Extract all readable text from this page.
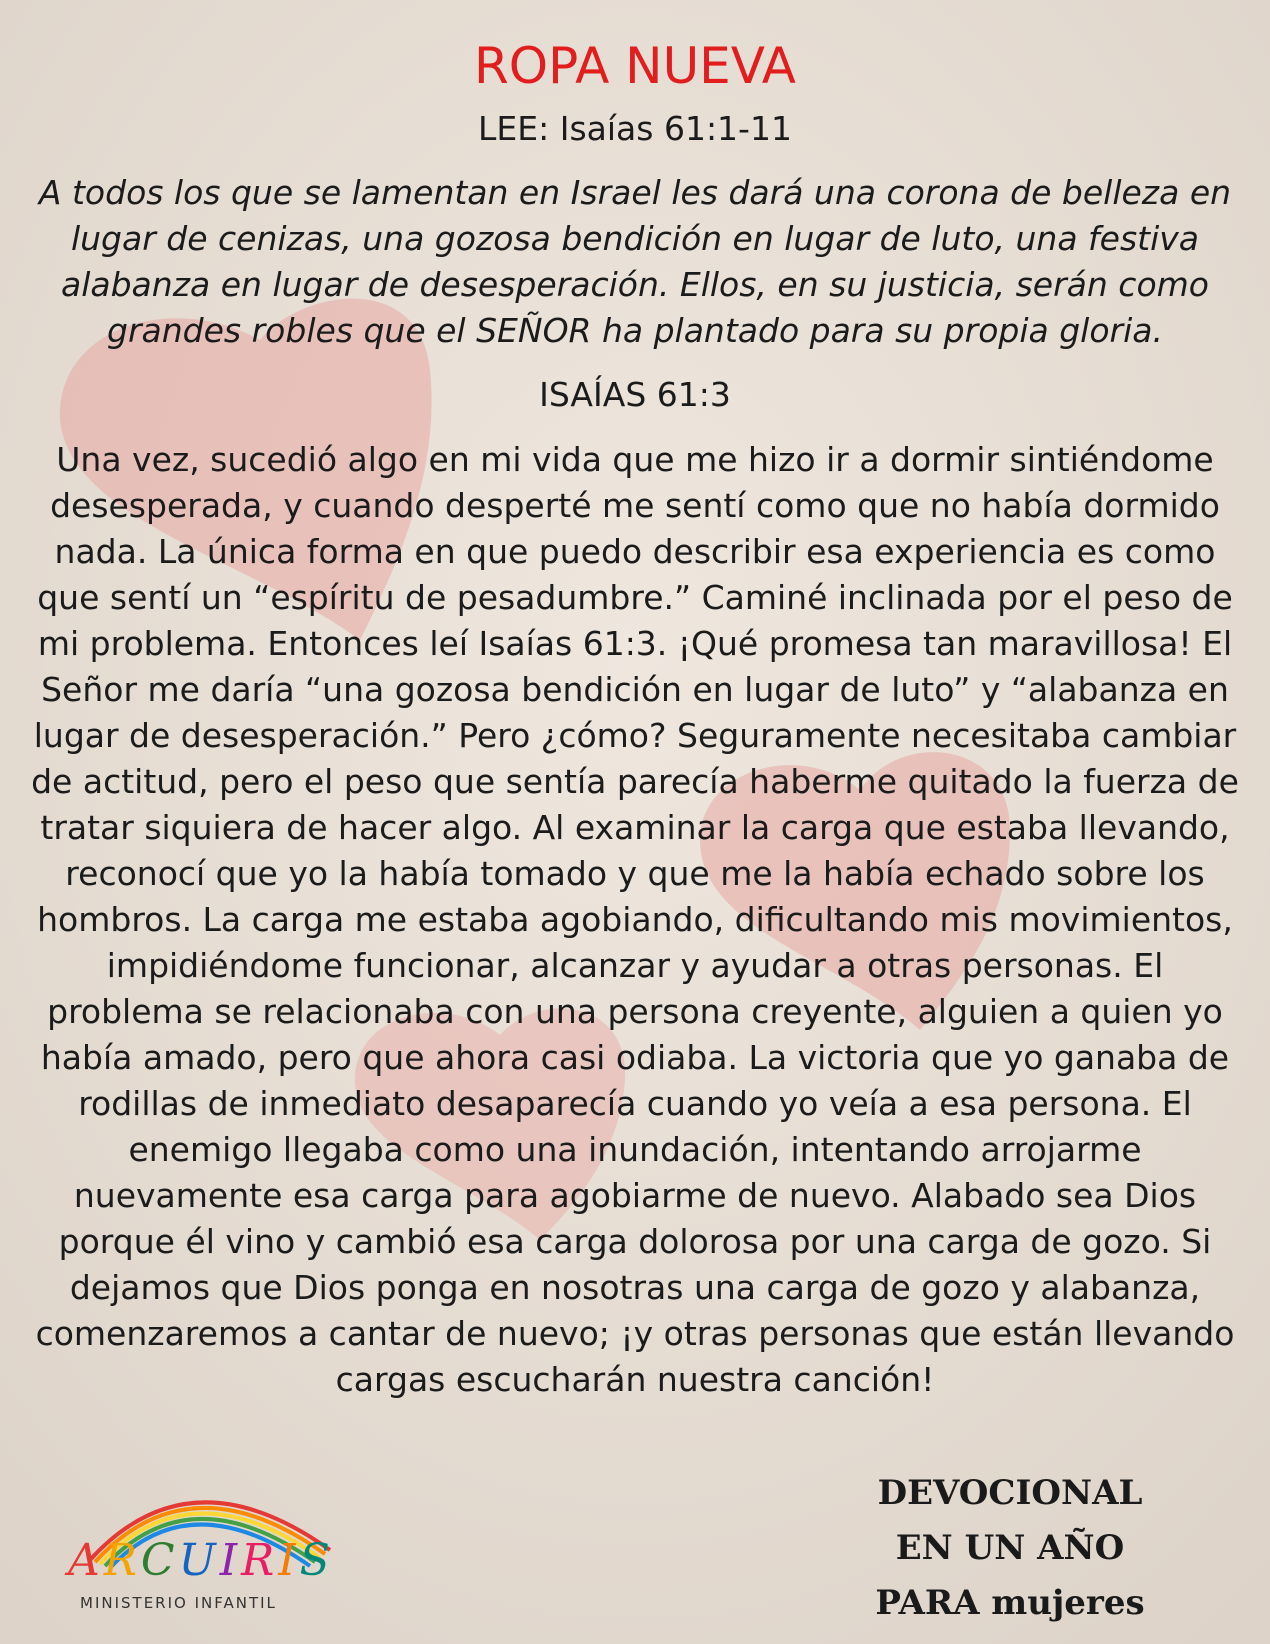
ROPA NUEVA
LEE: Isaías 61:1-11
A todos los que se lamentan en Israel les dará una corona de belleza en lugar de cenizas, una gozosa bendición en lugar de luto, una festiva alabanza en lugar de desesperación. Ellos, en su justicia, serán como grandes robles que el SEÑOR ha plantado para su propia gloria.
ISAÍAS 61:3
Una vez, sucedió algo en mi vida que me hizo ir a dormir sintiéndome desesperada, y cuando desperté me sentí como que no había dormido nada. La única forma en que puedo describir esa experiencia es como que sentí un “espíritu de pesadumbre.” Caminé inclinada por el peso de mi problema. Entonces leí Isaías 61:3. ¡Qué promesa tan maravillosa! El Señor me daría “una gozosa bendición en lugar de luto” y “alabanza en lugar de desesperación.” Pero ¿cómo? Seguramente necesitaba cambiar de actitud, pero el peso que sentía parecía haberme quitado la fuerza de tratar siquiera de hacer algo. Al examinar la carga que estaba llevando, reconocí que yo la había tomado y que me la había echado sobre los hombros. La carga me estaba agobiando, dificultando mis movimientos, impidiéndome funcionar, alcanzar y ayudar a otras personas. El problema se relacionaba con una persona creyente, alguien a quien yo había amado, pero que ahora casi odiaba. La victoria que yo ganaba de rodillas de inmediato desaparecía cuando yo veía a esa persona. El enemigo llegaba como una inundación, intentando arrojarme nuevamente esa carga para agobiarme de nuevo. Alabado sea Dios porque él vino y cambió esa carga dolorosa por una carga de gozo. Si dejamos que Dios ponga en nosotras una carga de gozo y alabanza, comenzaremos a cantar de nuevo; ¡y otras personas que están llevando cargas escucharán nuestra canción!
ARCUIRIS
MINISTERIO INFANTIL
DEVOCIONAL
EN UN AÑO
PARA mujeres
